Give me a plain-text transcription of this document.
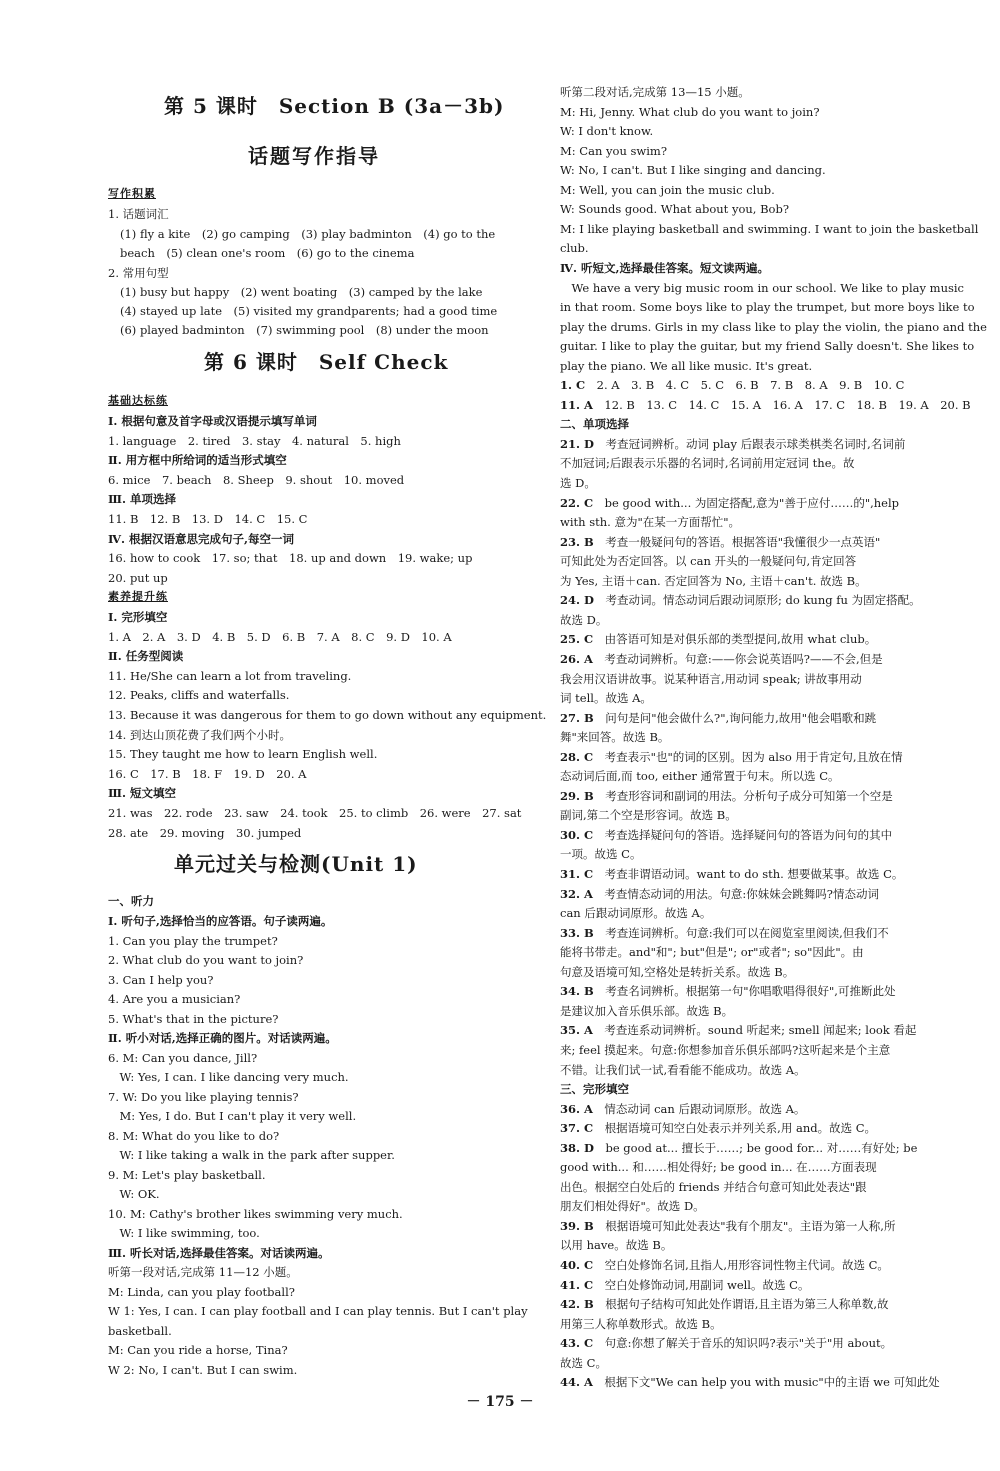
第 5 课时　Section B (3a－3b)
话题写作指导
写作积累
1. 话题词汇
(1) fly a kite　(2) go camping　(3) play badminton　(4) go to the
beach　(5) clean one's room　(6) go to the cinema
2. 常用句型
(1) busy but happy　(2) went boating　(3) camped by the lake
(4) stayed up late　(5) visited my grandparents; had a good time
(6) played badminton　(7) swimming pool　(8) under the moon
第 6 课时　Self Check
基础达标练
Ⅰ. 根据句意及首字母或汉语提示填写单词
1. language　2. tired　3. stay　4. natural　5. high
Ⅱ. 用方框中所给词的适当形式填空
6. mice　7. beach　8. Sheep　9. shout　10. moved
Ⅲ. 单项选择
11. B　12. B　13. D　14. C　15. C
Ⅳ. 根据汉语意思完成句子,每空一词
16. how to cook　17. so; that　18. up and down　19. wake; up
20. put up
素养提升练
Ⅰ. 完形填空
1. A　2. A　3. D　4. B　5. D　6. B　7. A　8. C　9. D　10. A
Ⅱ. 任务型阅读
11. He/She can learn a lot from traveling.
12. Peaks, cliffs and waterfalls.
13. Because it was dangerous for them to go down without any equipment.
14. 到达山顶花费了我们两个小时。
15. They taught me how to learn English well.
16. C　17. B　18. F　19. D　20. A
Ⅲ. 短文填空
21. was　22. rode　23. saw　24. took　25. to climb　26. were　27. sat
28. ate　29. moving　30. jumped
单元过关与检测(Unit 1)
一、听力
Ⅰ. 听句子,选择恰当的应答语。句子读两遍。
1. Can you play the trumpet?
2. What club do you want to join?
3. Can I help you?
4. Are you a musician?
5. What's that in the picture?
Ⅱ. 听小对话,选择正确的图片。对话读两遍。
6. M: Can you dance, Jill?
　W: Yes, I can. I like dancing very much.
7. W: Do you like playing tennis?
　M: Yes, I do. But I can't play it very well.
8. M: What do you like to do?
　W: I like taking a walk in the park after supper.
9. M: Let's play basketball.
　W: OK.
10. M: Cathy's brother likes swimming very much.
　W: I like swimming, too.
Ⅲ. 听长对话,选择最佳答案。对话读两遍。
听第一段对话,完成第 11—12 小题。
M: Linda, can you play football?
W 1: Yes, I can. I can play football and I can play tennis. But I can't play
basketball.
M: Can you ride a horse, Tina?
W 2: No, I can't. But I can swim.
听第二段对话,完成第 13—15 小题。
M: Hi, Jenny. What club do you want to join?
W: I don't know.
M: Can you swim?
W: No, I can't. But I like singing and dancing.
M: Well, you can join the music club.
W: Sounds good. What about you, Bob?
M: I like playing basketball and swimming. I want to join the basketball
club.
Ⅳ. 听短文,选择最佳答案。短文读两遍。
　We have a very big music room in our school. We like to play music
in that room. Some boys like to play the trumpet, but more boys like to
play the drums. Girls in my class like to play the violin, the piano and the
guitar. I like to play the guitar, but my friend Sally doesn't. She likes to
play the piano. We all like music. It's great.
1. C　2. A　3. B　4. C　5. C　6. B　7. B　8. A　9. B　10. C
11. A　12. B　13. C　14. C　15. A　16. A　17. C　18. B　19. A　20. B
二、单项选择
21. D　考查冠词辨析。动词 play 后跟表示球类棋类名词时,名词前
不加冠词;后跟表示乐器的名词时,名词前用定冠词 the。故
选 D。
22. C　be good with... 为固定搭配,意为"善于应付……的",help
with sth. 意为"在某一方面帮忙"。
23. B　考查一般疑问句的答语。根据答语"我懂很少一点英语"
可知此处为否定回答。以 can 开头的一般疑问句,肯定回答
为 Yes, 主语＋can. 否定回答为 No, 主语＋can't. 故选 B。
24. D　考查动词。情态动词后跟动词原形; do kung fu 为固定搭配。
故选 D。
25. C　由答语可知是对俱乐部的类型提问,故用 what club。
26. A　考查动词辨析。句意:——你会说英语吗?——不会,但是
我会用汉语讲故事。说某种语言,用动词 speak; 讲故事用动
词 tell。故选 A。
27. B　问句是问"他会做什么?",询问能力,故用"他会唱歌和跳
舞"来回答。故选 B。
28. C　考查表示"也"的词的区别。因为 also 用于肯定句,且放在情
态动词后面,而 too, either 通常置于句末。所以选 C。
29. B　考查形容词和副词的用法。分析句子成分可知第一个空是
副词,第二个空是形容词。故选 B。
30. C　考查选择疑问句的答语。选择疑问句的答语为问句的其中
一项。故选 C。
31. C　考查非谓语动词。want to do sth. 想要做某事。故选 C。
32. A　考查情态动词的用法。句意:你妹妹会跳舞吗?情态动词
can 后跟动词原形。故选 A。
33. B　考查连词辨析。句意:我们可以在阅览室里阅读,但我们不
能将书带走。and"和"; but"但是"; or"或者"; so"因此"。由
句意及语境可知,空格处是转折关系。故选 B。
34. B　考查名词辨析。根据第一句"你唱歌唱得很好",可推断此处
是建议加入音乐俱乐部。故选 B。
35. A　考查连系动词辨析。sound 听起来; smell 闻起来; look 看起
来; feel 摸起来。句意:你想参加音乐俱乐部吗?这听起来是个主意
不错。让我们试一试,看看能不能成功。故选 A。
三、完形填空
36. A　情态动词 can 后跟动词原形。故选 A。
37. C　根据语境可知空白处表示并列关系,用 and。故选 C。
38. D　be good at... 擅长于……; be good for... 对……有好处; be
good with... 和……相处得好; be good in... 在……方面表现
出色。根据空白处后的 friends 并结合句意可知此处表达"跟
朋友们相处得好"。故选 D。
39. B　根据语境可知此处表达"我有个朋友"。主语为第一人称,所
以用 have。故选 B。
40. C　空白处修饰名词,且指人,用形容词性物主代词。故选 C。
41. C　空白处修饰动词,用副词 well。故选 C。
42. B　根据句子结构可知此处作谓语,且主语为第三人称单数,故
用第三人称单数形式。故选 B。
43. C　句意:你想了解关于音乐的知识吗?表示"关于"用 about。
故选 C。
44. A　根据下文"We can help you with music"中的主语 we 可知此处
－ 175 －
